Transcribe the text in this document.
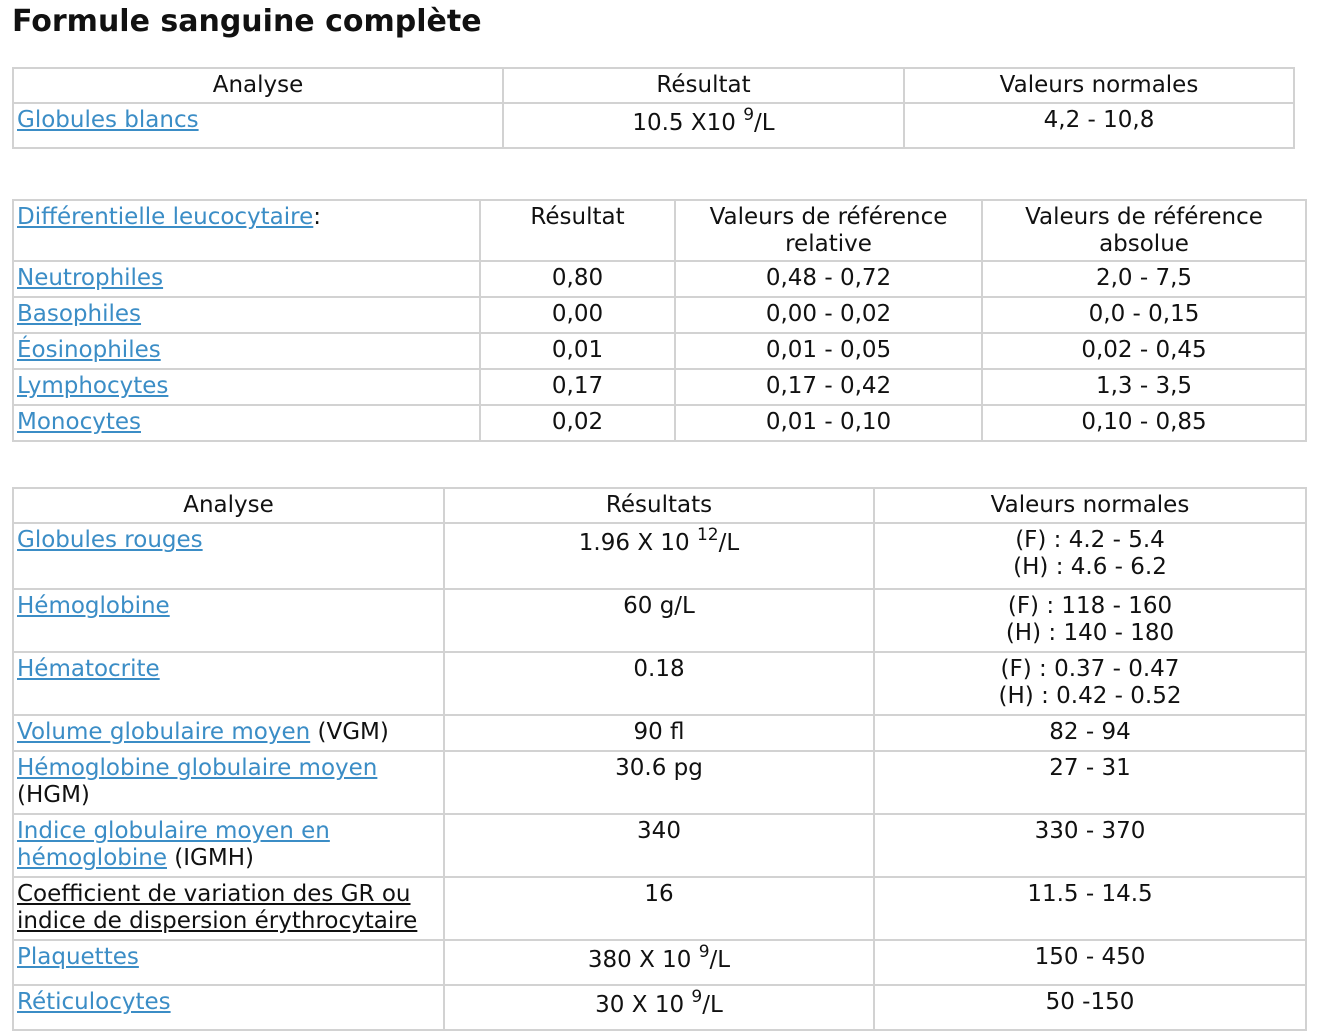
Formule sanguine complète
Analyse	Résultat	Valeurs normales
Globules blancs	10.5 X10 $^9$/L	4,2 - 10,8
Différentielle leucocytaire:	Résultat	Valeurs de référence relative	Valeurs de référence absolue
Neutrophiles	0,80	0,48 - 0,72	2,0 - 7,5
Basophiles	0,00	0,00 - 0,02	0,0 - 0,15
Éosinophiles	0,01	0,01 - 0,05	0,02 - 0,45
Lymphocytes	0,17	0,17 - 0,42	1,3 - 3,5
Monocytes	0,02	0,01 - 0,10	0,10 - 0,85
Analyse	Résultats	Valeurs normales
Globules rouges	1.96 X 10 $^{12}$/L	(F) : 4.2 - 5.4
(H) : 4.6 - 6.2

Hémoglobine	60 g/L	(F) : 118 - 160
(H) : 140 - 180

Hématocrite	0.18	(F) : 0.37 - 0.47
(H) : 0.42 - 0.52

Volume globulaire moyen (VGM)	90 fl	82 - 94
Hémoglobine globulaire moyen
(HGM)	30.6 pg	27 - 31
Indice globulaire moyen en
hémoglobine (IGMH)	340	330 - 370
Coefficient de variation des GR ou
indice de dispersion érythrocytaire	16	11.5 - 14.5
Plaquettes	380 X 10 $^9$/L	150 - 450
Réticulocytes	30 X 10 $^9$/L	50 -150
